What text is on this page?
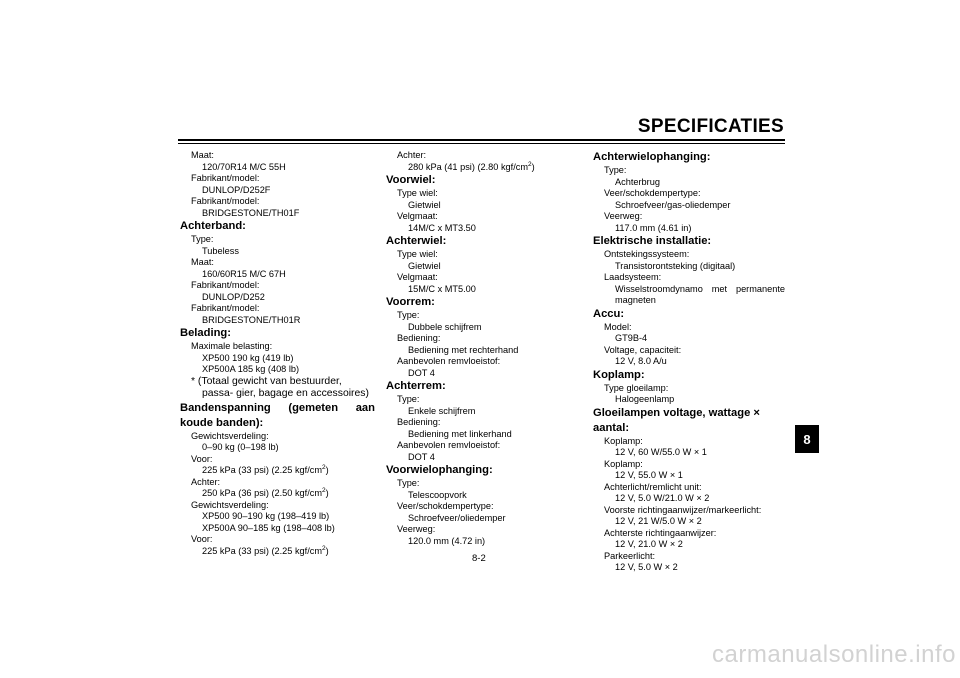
SPECIFICATIES
Maat:
120/70R14 M/C 55H
Fabrikant/model:
DUNLOP/D252F
Fabrikant/model:
BRIDGESTONE/TH01F
Achterband:
Type:
Tubeless
Maat:
160/60R15 M/C 67H
Fabrikant/model:
DUNLOP/D252
Fabrikant/model:
BRIDGESTONE/TH01R
Belading:
Maximale belasting:
XP500 190 kg (419 lb)
XP500A 185 kg (408 lb)
* (Totaal gewicht van bestuurder, passa- gier, bagage en accessoires)
Bandenspanning (gemeten aan koude banden):
Gewichtsverdeling:
0–90 kg (0–198 lb)
Voor:
225 kPa (33 psi) (2.25 kgf/$cm^2$)
Achter:
250 kPa (36 psi) (2.50 kgf/$cm^2$)
Gewichtsverdeling:
XP500 90–190 kg (198–419 lb)
XP500A 90–185 kg (198–408 lb)
Voor:
225 kPa (33 psi) (2.25 kgf/$cm^2$)
Achter:
280 kPa (41 psi) (2.80 kgf/$cm^2$)
Voorwiel:
Type wiel:
Gietwiel
Velgmaat:
14M/C x MT3.50
Achterwiel:
Type wiel:
Gietwiel
Velgmaat:
15M/C x MT5.00
Voorrem:
Type:
Dubbele schijfrem
Bediening:
Bediening met rechterhand
Aanbevolen remvloeistof:
DOT 4
Achterrem:
Type:
Enkele schijfrem
Bediening:
Bediening met linkerhand
Aanbevolen remvloeistof:
DOT 4
Voorwielophanging:
Type:
Telescoopvork
Veer/schokdempertype:
Schroefveer/oliedemper
Veerweg:
120.0 mm (4.72 in)
Achterwielophanging:
Type:
Achterbrug
Veer/schokdempertype:
Schroefveer/gas-oliedemper
Veerweg:
117.0 mm (4.61 in)
Elektrische installatie:
Ontstekingssysteem:
Transistorontsteking (digitaal)
Laadsysteem:
Wisselstroomdynamo met permanente magneten
Accu:
Model:
GT9B-4
Voltage, capaciteit:
12 V, 8.0 A/u
Koplamp:
Type gloeilamp:
Halogeenlamp
Gloeilampen voltage, wattage × aantal:
Koplamp:
12 V, 60 W/55.0 W × 1
Koplamp:
12 V, 55.0 W × 1
Achterlicht/remlicht unit:
12 V, 5.0 W/21.0 W × 2
Voorste richtingaanwijzer/markeerlicht:
12 V, 21 W/5.0 W × 2
Achterste richtingaanwijzer:
12 V, 21.0 W × 2
Parkeerlicht:
12 V, 5.0 W × 2
8
8-2
carmanualsonline.info
